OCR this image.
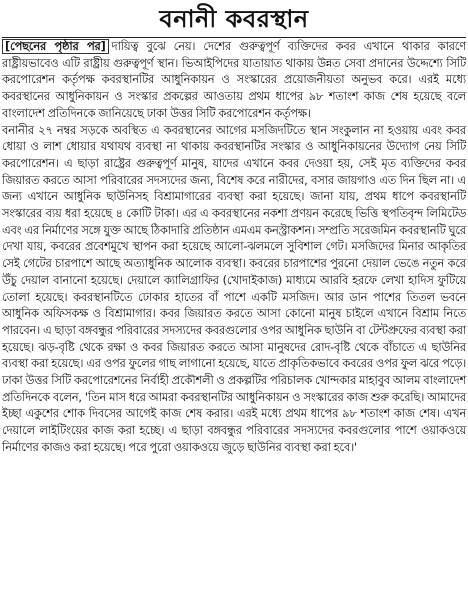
বনানী কবরস্থান

[পেছনের পৃষ্ঠার পর] দায়িত্ব বুঝে নেয়। দেশের গুরুত্বপূর্ণ ব্যক্তিদের কবর এখানে থাকার কারণে রাষ্ট্রীয়ভাবেও এটি রাষ্ট্রীয় গুরুত্বপূর্ণ স্থান। ভিআইপিদের যাতায়াত থাকায় উন্নত সেবা প্রদানের উদ্দেশ্যে সিটি করপোরেশন কর্তৃপক্ষ কবরস্থানটির আধুনিকায়ন ও সংস্কারের প্রয়োজনীয়তা অনুভব করে। এরই মধ্যে কবরস্থানের আধুনিকায়ন ও সংস্কার প্রকল্পের আওতায় প্রথম ধাপের ৯৮ শতাংশ কাজ শেষ হয়েছে বলে বাংলাদেশ প্রতিদিনকে জানিয়েছে ঢাকা উত্তর সিটি করপোরেশন কর্তৃপক্ষ।

বনানীর ২৭ নম্বর সড়কে অবস্থিত এ কবরস্থানের আগের মসজিদটিতে স্থান সংকুলান না হওয়ায় এবং কবর ধোয়া ও লাশ ধোয়ার যথাযথ ব্যবস্থা না থাকায় কবরস্থানটির সংস্কার ও আধুনিকায়নের উদ্যোগ নেয় সিটি করপোরেশন। এ ছাড়া রাষ্ট্রের গুরুত্বপূর্ণ মানুষ, যাদের এখানে কবর দেওয়া হয়, সেই মৃত ব্যক্তিদের কবর জিয়ারত করতে আসা পরিবারের সদস্যদের জন্য, বিশেষ করে নারীদের, বসার জায়গাও এত দিন ছিল না। এ জন্য এখানে আধুনিক ছাউনিসহ বিশ্রামাগারের ব্যবস্থা করা হয়েছে। জানা যায়, প্রথম ধাপে কবরস্থানটি সংস্কারের ব্যয় ধরা হয়েছে ৪ কোটি টাকা। এর এ কবরস্থানের নকশা প্রণয়ন করেছে ভিত্তি স্থপতিবৃন্দ লিমিটেড এবং এর নির্মাণের সঙ্গে যুক্ত আছে ঠিকাদারি প্রতিষ্ঠান এমএম কনস্ট্রাকশন। সম্প্রতি সরেজমিন কবরস্থানটি ঘুরে দেখা যায়, কবরের প্রবেশমুখে স্থাপন করা হয়েছে আলো-ঝলমলে সুবিশাল গেট। মসজিদের মিনার আকৃতির সেই গেটের চারপাশে আছে অত্যাধুনিক আলোক ব্যবস্থা। কবরের চারপাশের পুরনো দেয়াল ভেঙে নতুন করে উঁচু দেয়াল বানানো হয়েছে। দেয়ালে ক্যালিগ্রাফির (খোদাইকাজ) মাধ্যমে আরবি হরফে লেখা হাদিস ফুটিয়ে তোলা হয়েছে। কবরস্থানটিতে ঢোকার হাতের বাঁ পাশে একটি মসজিদ। আর ডান পাশের তিতল ভবনে আধুনিক অফিসকক্ষ ও বিশ্রামাগার। কবর জিয়ারত করতে আসা কোনো মানুষ চাইলে এখানে বিশ্রাম নিতে পারবেন। এ ছাড়া বঙ্গবন্ধুর পরিবারের সদস্যদের কবরগুলোর ওপর আধুনিক ছাউনি বা টেন্টপ্রুফের ব্যবস্থা করা হয়েছে। ঝড়-বৃষ্টি থেকে রক্ষা ও কবর জিয়ারত করতে আসা মানুষদের রোদ-বৃষ্টি থেকে বাঁচাতে এ ছাউনির ব্যবস্থা করা হয়েছে। এর ওপর ফুলের গাছ লাগানো হয়েছে, যাতে প্রাকৃতিকভাবে কবরের ওপর ফুল ঝরে পড়ে। ঢাকা উত্তর সিটি করপোরেশনের নির্বাহী প্রকৌশলী ও প্রকল্পটির পরিচালক খোন্দকার মাহাবুব আলম বাংলাদেশ প্রতিদিনকে বলেন, 'তিন মাস ধরে আমরা কবরস্থানটির আধুনিকায়ন ও সংস্কারের কাজ শুরু করেছি। আমাদের ইচ্ছা একুশের শোক দিবসের আগেই কাজ শেষ করার। এরই মধ্যে প্রথম ধাপের ৯৮ শতাংশ কাজ শেষ। এখন দেয়ালে লাইটিংয়ের কাজ করা হচ্ছে। এ ছাড়া বঙ্গবন্ধুর পরিবারের সদস্যদের কবরগুলোর পাশে ওয়াকওয়ে নির্মাণের কাজও করা হয়েছে। পরে পুরো ওয়াকওয়ে জুড়ে ছাউনির ব্যবস্থা করা হবে।'
